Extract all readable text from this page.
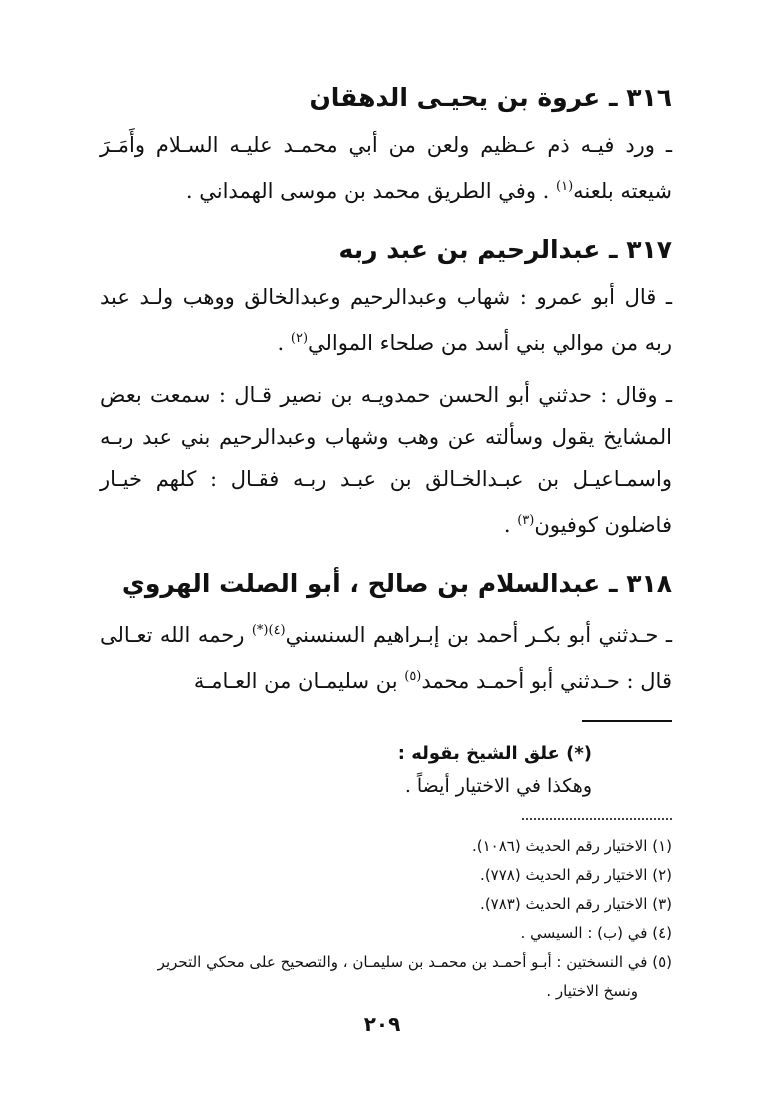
٣١٦ ـ عروة بن يحيـى الدهقان

ـ ورد فيـه ذم عـظيم ولعن من أبي محمـد عليـه السـلام وأَمَـرَ شيعته بلعنه$^{(١)}$ . وفي الطريق محمد بن موسى الهمداني .

٣١٧ ـ عبدالرحيم بن عبد ربه

ـ قال أبو عمرو : شهاب وعبدالرحيم وعبدالخالق ووهب ولـد عبد ربه من موالي بني أسد من صلحاء الموالي$^{(٢)}$ .

ـ وقال : حدثني أبو الحسن حمدويـه بن نصير قـال : سمعت بعض المشايخ يقول وسألته عن وهب وشهاب وعبدالرحيم بني عبد ربـه واسمـاعيـل بن عبـدالخـالق بن عبـد ربـه فقـال : كلهم خيـار فاضلون كوفيون$^{(٣)}$ .

٣١٨ ـ عبدالسلام بن صالح ، أبو الصلت الهروي

ـ حـدثني أبو بكـر أحمد بن إبـراهيم السنسني$^{(٤)(*)}$ رحمه الله تعـالى قال : حـدثني أبو أحمـد محمد$^{(٥)}$ بن سليمـان من العـامـة

(*) علق الشيخ بقوله :
وهكذا في الاختيار أيضاً .
(١) الاختيار رقم الحديث (١٠٨٦).
(٢) الاختيار رقم الحديث (٧٧٨).
(٣) الاختيار رقم الحديث (٧٨٣).
(٤) في (ب) : السيسي .
(٥) في النسختين : أبـو أحمـد بن محمـد بن سليمـان ، والتصحيح على محكي التحرير
ونسخ الاختيار .
٢٠٩
